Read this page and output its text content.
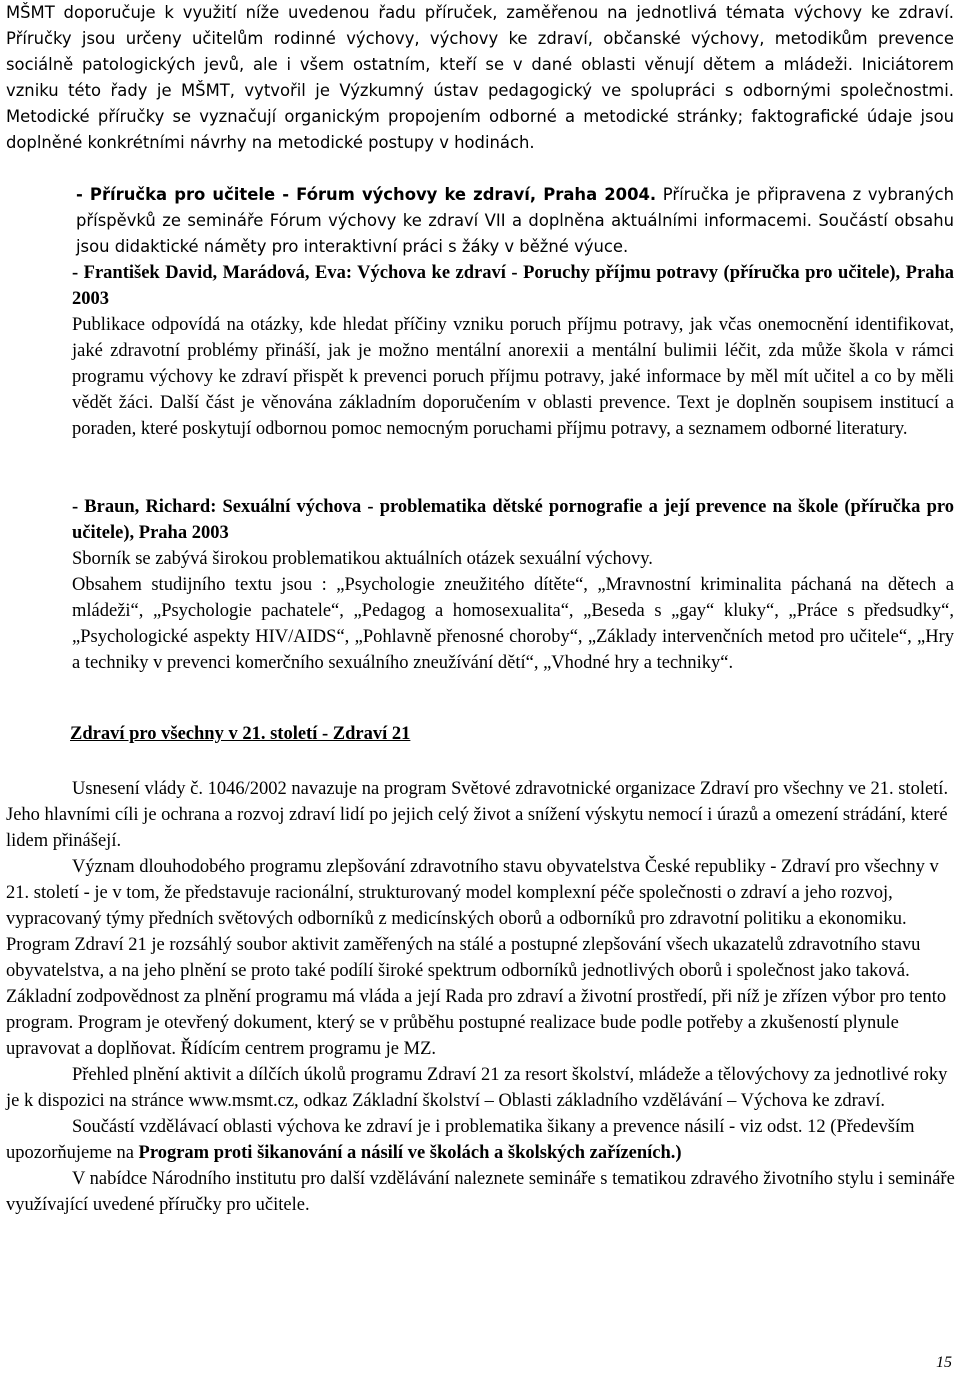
MŠMT doporučuje k využití níže uvedenou řadu příruček, zaměřenou na jednotlivá témata výchovy ke zdraví. Příručky jsou určeny učitelům rodinné výchovy, výchovy ke zdraví, občanské výchovy, metodikům prevence sociálně patologických jevů, ale i všem ostatním, kteří se v dané oblasti věnují dětem a mládeži. Iniciátorem vzniku této řady je MŠMT, vytvořil je Výzkumný ústav pedagogický ve spolupráci s odbornými společnostmi. Metodické příručky se vyznačují organickým propojením odborné a metodické stránky; faktografické údaje jsou doplněné konkrétními návrhy na metodické postupy v hodinách.

- Příručka pro učitele - Fórum výchovy ke zdraví, Praha 2004. Příručka je připravena z vybraných příspěvků ze semináře Fórum výchovy ke zdraví VII a doplněna aktuálními informacemi. Součástí obsahu jsou didaktické náměty pro interaktivní práci s žáky v běžné výuce.

- František David, Marádová, Eva: Výchova ke zdraví - Poruchy příjmu potravy (příručka pro učitele), Praha 2003

Publikace odpovídá na otázky, kde hledat příčiny vzniku poruch příjmu potravy, jak včas onemocnění identifikovat, jaké zdravotní problémy přináší, jak je možno mentální anorexii a mentální bulimii léčit, zda může škola v rámci programu výchovy ke zdraví přispět k prevenci poruch příjmu potravy, jaké informace by měl mít učitel a co by měli vědět žáci. Další část je věnována základním doporučením v oblasti prevence. Text je doplněn soupisem institucí a poraden, které poskytují odbornou pomoc nemocným poruchami příjmu potravy, a seznamem odborné literatury.

- Braun, Richard: Sexuální výchova - problematika dětské pornografie a její prevence na škole (příručka pro učitele), Praha 2003

Sborník se zabývá širokou problematikou aktuálních otázek sexuální výchovy.

Obsahem studijního textu jsou : „Psychologie zneužitého dítěte“, „Mravnostní kriminalita páchaná na dětech a mládeži“, „Psychologie pachatele“, „Pedagog a homosexualita“, „Beseda s „gay“ kluky“, „Práce s předsudky“, „Psychologické aspekty HIV/AIDS“, „Pohlavně přenosné choroby“, „Základy intervenčních metod pro učitele“, „Hry a techniky v prevenci komerčního sexuálního zneužívání dětí“, „Vhodné hry a techniky“.

Zdraví pro všechny v 21. století - Zdraví 21

Usnesení vlády č. 1046/2002 navazuje na program Světové zdravotnické organizace Zdraví pro všechny ve 21. století. Jeho hlavními cíli je ochrana a rozvoj zdraví lidí po jejich celý život a snížení výskytu nemocí i úrazů a omezení strádání, které lidem přinášejí.

Význam dlouhodobého programu zlepšování zdravotního stavu obyvatelstva České republiky - Zdraví pro všechny v 21. století - je v tom, že představuje racionální, strukturovaný model komplexní péče společnosti o zdraví a jeho rozvoj, vypracovaný týmy předních světových odborníků z medicínských oborů a odborníků pro zdravotní politiku a ekonomiku. Program Zdraví 21 je rozsáhlý soubor aktivit zaměřených na stálé a postupné zlepšování všech ukazatelů zdravotního stavu obyvatelstva, a na jeho plnění se proto také podílí široké spektrum odborníků jednotlivých oborů i společnost jako taková. Základní zodpovědnost za plnění programu má vláda a její Rada pro zdraví a životní prostředí, při níž je zřízen výbor pro tento program. Program je otevřený dokument, který se v průběhu postupné realizace bude podle potřeby a zkušeností plynule upravovat a doplňovat. Řídícím centrem programu je MZ.

Přehled plnění aktivit a dílčích úkolů programu Zdraví 21 za resort školství, mládeže a tělovýchovy za jednotlivé roky je k dispozici na stránce www.msmt.cz, odkaz Základní školství – Oblasti základního vzdělávání – Výchova ke zdraví.

Součástí vzdělávací oblasti výchova ke zdraví je i problematika šikany a prevence násilí - viz odst. 12 (Především upozorňujeme na Program proti šikanování a násilí ve školách a školských zařízeních.)

V nabídce Národního institutu pro další vzdělávání naleznete semináře s tematikou zdravého životního stylu i semináře využívající uvedené příručky pro učitele.

15
